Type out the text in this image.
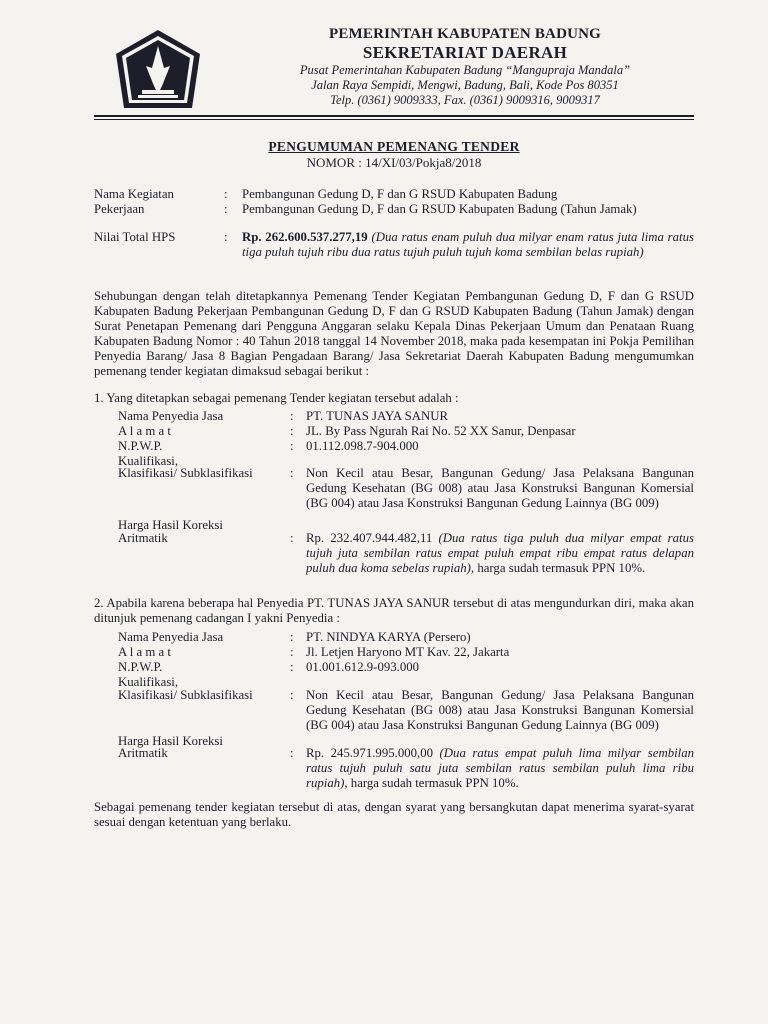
PEMERINTAH KABUPATEN BADUNG
SEKRETARIAT DAERAH
Pusat Pemerintahan Kabupaten Badung “Mangupraja Mandala”
Jalan Raya Sempidi, Mengwi, Badung, Bali, Kode Pos 80351
Telp. (0361) 9009333, Fax. (0361) 9009316, 9009317
PENGUMUMAN PEMENANG TENDER
NOMOR : 14/XI/03/Pokja8/2018
Nama Kegiatan	: Pembangunan Gedung D, F dan G RSUD Kabupaten Badung
Pekerjaan	: Pembangunan Gedung D, F dan G RSUD Kabupaten Badung (Tahun Jamak)
Nilai Total HPS	: Rp. 262.600.537.277,19 (Dua ratus enam puluh dua milyar enam ratus juta lima ratus tiga puluh tujuh ribu dua ratus tujuh puluh tujuh koma sembilan belas rupiah)
Sehubungan dengan telah ditetapkannya Pemenang Tender Kegiatan Pembangunan Gedung D, F dan G RSUD Kabupaten Badung Pekerjaan Pembangunan Gedung D, F dan G RSUD Kabupaten Badung (Tahun Jamak) dengan Surat Penetapan Pemenang dari Pengguna Anggaran selaku Kepala Dinas Pekerjaan Umum dan Penataan Ruang Kabupaten Badung Nomor : 40 Tahun 2018 tanggal 14 November 2018, maka pada kesempatan ini Pokja Pemilihan Penyedia Barang/ Jasa 8 Bagian Pengadaan Barang/ Jasa Sekretariat Daerah Kabupaten Badung mengumumkan pemenang tender kegiatan dimaksud sebagai berikut :
1. Yang ditetapkan sebagai pemenang Tender kegiatan tersebut adalah :
Nama Penyedia Jasa	: PT. TUNAS JAYA SANUR
A l a m a t	: JL. By Pass Ngurah Rai No. 52 XX Sanur, Denpasar
N.P.W.P.	: 01.112.098.7-904.000
Kualifikasi,
Klasifikasi/ Subklasifikasi	: Non Kecil atau Besar, Bangunan Gedung/ Jasa Pelaksana Bangunan Gedung Kesehatan (BG 008) atau Jasa Konstruksi Bangunan Komersial (BG 004) atau Jasa Konstruksi Bangunan Gedung Lainnya (BG 009)
Harga Hasil Koreksi
Aritmatik	: Rp. 232.407.944.482,11 (Dua ratus tiga puluh dua milyar empat ratus tujuh juta sembilan ratus empat puluh empat ribu empat ratus delapan puluh dua koma sebelas rupiah), harga sudah termasuk PPN 10%.
2. Apabila karena beberapa hal Penyedia PT. TUNAS JAYA SANUR tersebut di atas mengundurkan diri, maka akan ditunjuk pemenang cadangan I yakni Penyedia :
Nama Penyedia Jasa	: PT. NINDYA KARYA (Persero)
A l a m a t	: Jl. Letjen Haryono MT Kav. 22, Jakarta
N.P.W.P.	: 01.001.612.9-093.000
Kualifikasi,
Klasifikasi/ Subklasifikasi	: Non Kecil atau Besar, Bangunan Gedung/ Jasa Pelaksana Bangunan Gedung Kesehatan (BG 008) atau Jasa Konstruksi Bangunan Komersial (BG 004) atau Jasa Konstruksi Bangunan Gedung Lainnya (BG 009)
Harga Hasil Koreksi
Aritmatik	: Rp. 245.971.995.000,00 (Dua ratus empat puluh lima milyar sembilan ratus tujuh puluh satu juta sembilan ratus sembilan puluh lima ribu rupiah), harga sudah termasuk PPN 10%.
Sebagai pemenang tender kegiatan tersebut di atas, dengan syarat yang bersangkutan dapat menerima syarat-syarat sesuai dengan ketentuan yang berlaku.
